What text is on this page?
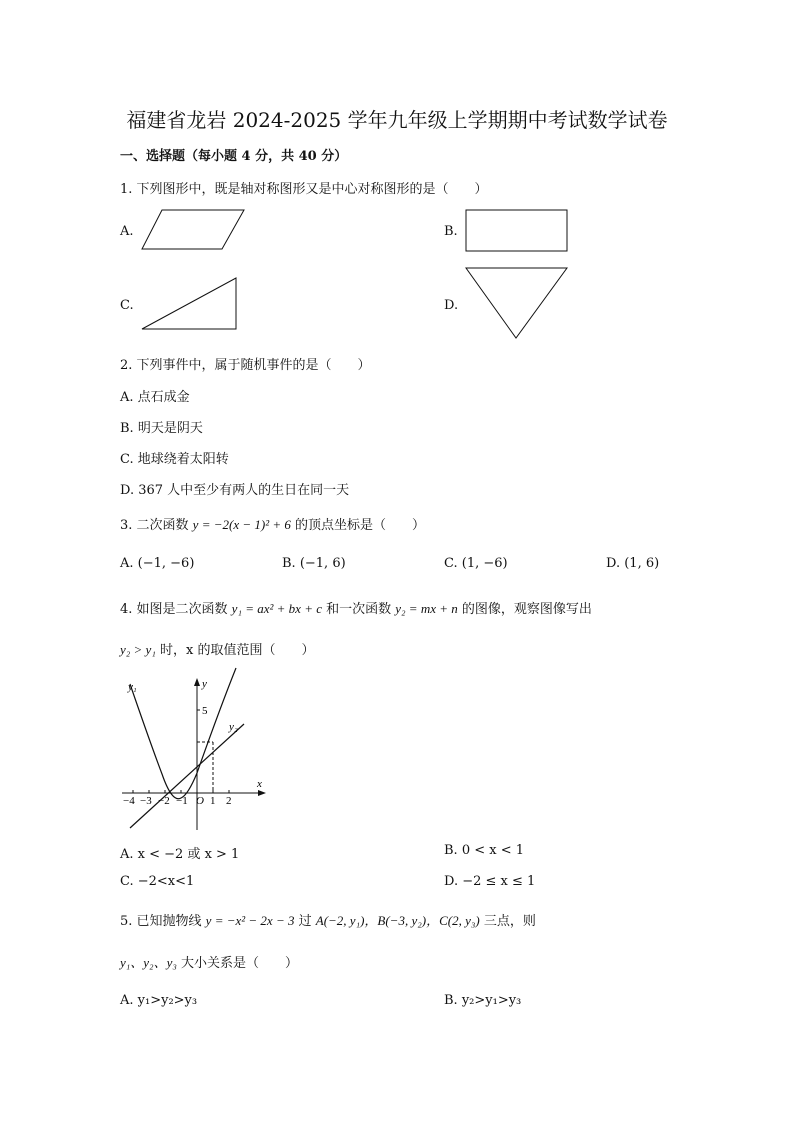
福建省龙岩 2024-2025 学年九年级上学期期中考试数学试卷
一、选择题（每小题 4 分，共 40 分）
1. 下列图形中，既是轴对称图形又是中心对称图形的是（　　）
A.	B.
C.	D.
2. 下列事件中，属于随机事件的是（　　）
A. 点石成金
B. 明天是阴天
C. 地球绕着太阳转
D. 367 人中至少有两人的生日在同一天
3. 二次函数 y = −2(x − 1)² + 6 的顶点坐标是（　　）
A. (−1, −6)	B. (−1, 6)	C. (1, −6)	D. (1, 6)
4. 如图是二次函数 y₁ = ax² + bx + c 和一次函数 y₂ = mx + n 的图像，观察图像写出
y₂ > y₁ 时，x 的取值范围（　　）
y₁
y₂
x
y
5
O
−4 −3 −2 −1 1 2
A. x < −2 或 x > 1	B. 0 < x < 1
C. −2<x<1	D. −2 ≤ x ≤ 1
5. 已知抛物线 y = −x² − 2x − 3 过 A(−2, y₁)，B(−3, y₂)，C(2, y₃) 三点，则
y₁、y₂、y₃ 大小关系是（　　）
A. y₁>y₂>y₃	B. y₂>y₁>y₃
